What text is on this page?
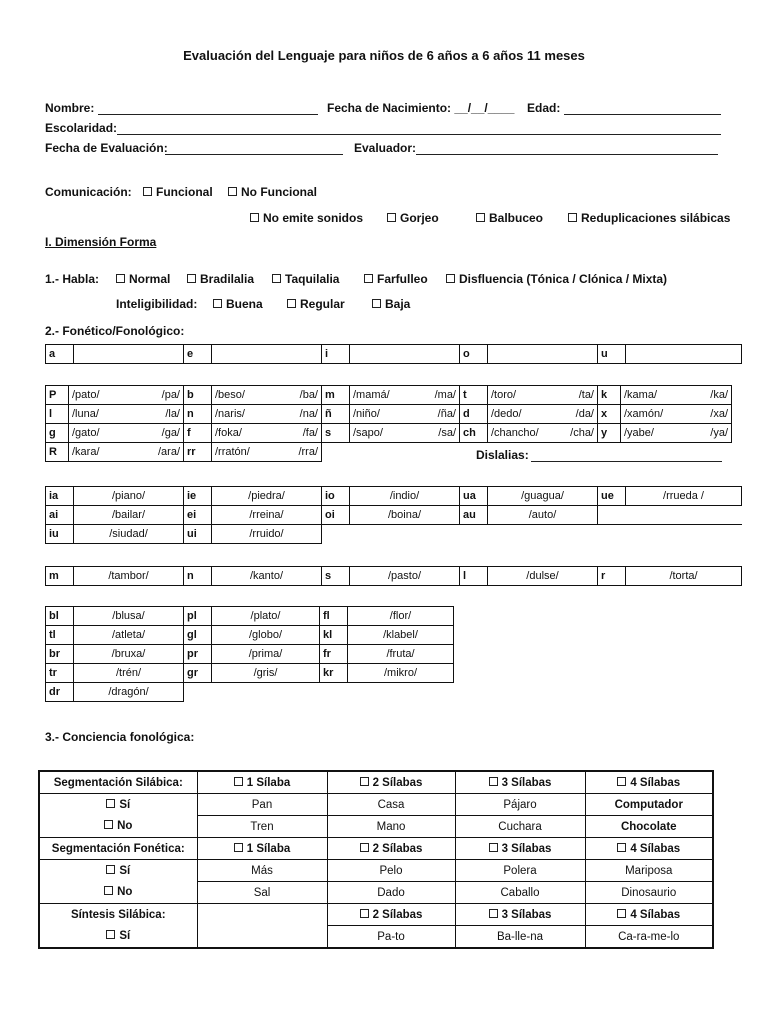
Evaluación del Lenguaje para niños de 6 años a 6 años 11 meses
Nombre:	Fecha de Nacimiento: __/__/____ Edad:
Escolaridad:
Fecha de Evaluación:	Evaluador:
Comunicación:	Funcional	No Funcional
No emite sonidos	Gorjeo	Balbuceo	Reduplicaciones silábicas
I. Dimensión Forma
1.- Habla:	Normal	Bradilalia	Taquilalia	Farfulleo	Disfluencia (Tónica / Clónica / Mixta)
Inteligibilidad:	Buena	Regular	Baja
2.- Fonético/Fonológico:
a		e		i		o		u	
P	/pato/ /pa/	b	/beso/ /ba/	m	/mamá/ /ma/	t	/toro/ /ta/	k	/kama/ /ka/

l	/luna/ /la/	n	/naris/ /na/	ñ	/niño/ /ña/	d	/dedo/ /da/	x	/xamón/ /xa/

g	/gato/ /ga/	f	/foka/ /fa/	s	/sapo/ /sa/	ch	/chancho/ /cha/	y	/yabe/ /ya/

R	/kara/ /ara/	rr	/rratón/ /rra/						
		Dislalias:
ia	/piano/	ie	/piedra/	io	/indio/	ua	/guagua/	ue	/rrueda /
ai	/bailar/	ei	/rreina/	oi	/boina/	au	/auto/		
iu	/siudad/	ui	/rruido/						
m	/tambor/	n	/kanto/	s	/pasto/	l	/dulse/	r	/torta/
bl	/blusa/	pl	/plato/	fl	/flor/
tl	/atleta/	gl	/globo/	kl	/klabel/
br	/bruxa/	pr	/prima/	fr	/fruta/
tr	/trén/	gr	/gris/	kr	/mikro/
dr	/dragón/				
3.- Conciencia fonológica:
Segmentación Silábica:	1 Sílaba	2 Sílabas	3 Sílabas	4 Sílabas
Sí	Pan	Casa	Pájaro	Computador
No	Tren	Mano	Cuchara	Chocolate
Segmentación Fonética:	1 Sílaba	2 Sílabas	3 Sílabas	4 Sílabas
Sí	Más	Pelo	Polera	Mariposa
No	Sal	Dado	Caballo	Dinosaurio
Síntesis Silábica:		2 Sílabas	3 Sílabas	4 Sílabas
Sí		Pa-to	Ba-lle-na	Ca-ra-me-lo
